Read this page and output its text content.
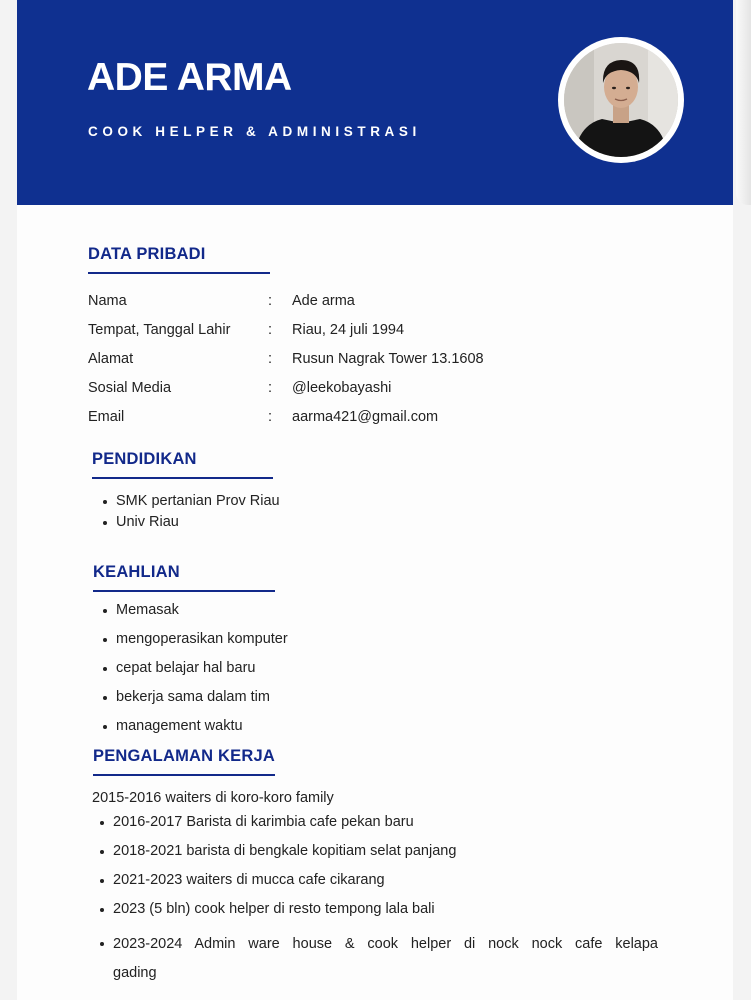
ADE ARMA

COOK HELPER & ADMINISTRASI

DATA PRIBADI
Nama	: Ade arma
Tempat, Tanggal Lahir	: Riau, 24 juli 1994
Alamat	: Rusun Nagrak Tower 13.1608
Sosial Media	: @leekobayashi
Email	: aarma421@gmail.com
PENDIDIKAN
SMK pertanian Prov Riau
Univ Riau
KEAHLIAN
Memasak
mengoperasikan komputer
cepat belajar hal baru
bekerja sama dalam tim
management waktu
PENGALAMAN KERJA
2015-2016 waiters di koro-koro family
2016-2017 Barista di karimbia cafe pekan baru
2018-2021 barista di bengkale kopitiam selat panjang
2021-2023 waiters di mucca cafe cikarang
2023 (5 bln) cook helper di resto tempong lala bali
2023-2024 Admin ware house & cook helper di nock nock cafe kelapa
gading
